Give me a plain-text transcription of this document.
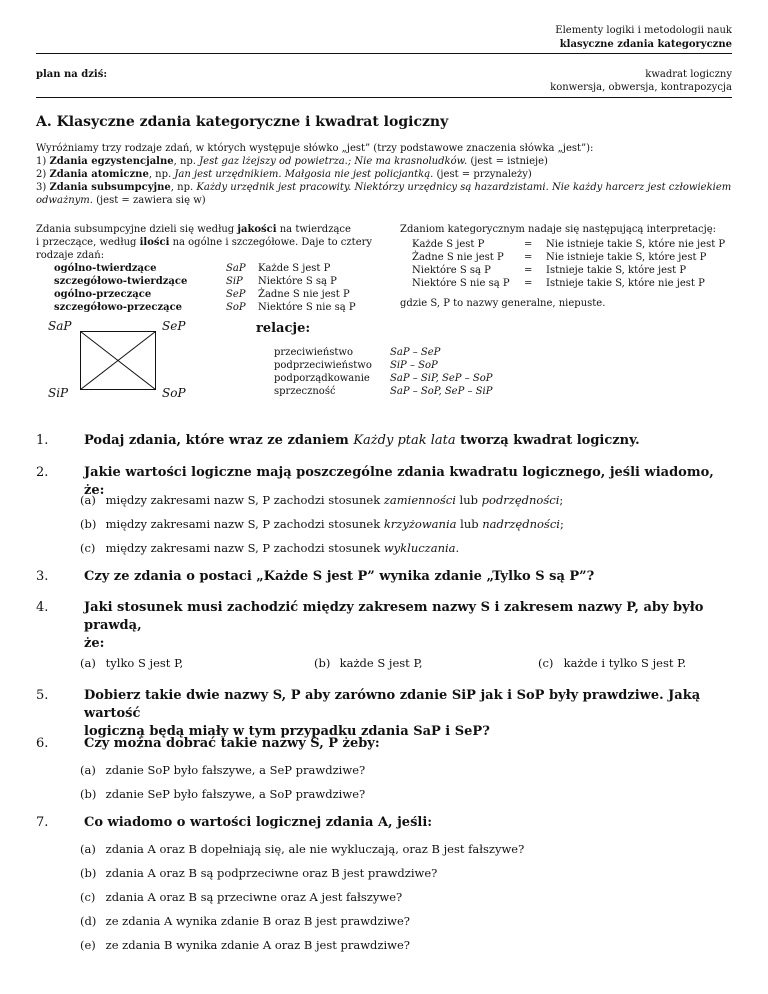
Elementy logiki i metodologii nauk
klasyczne zdania kategoryczne
plan na dziś:	kwadrat logiczny
konwersja, obwersja, kontrapozycja
A. Klasyczne zdania kategoryczne i kwadrat logiczny
Wyróżniamy trzy rodzaje zdań, w których występuje słówko „jest” (trzy podstawowe znaczenia słówka „jest”):
1) Zdania egzystencjalne, np. Jest gaz lżejszy od powietrza.; Nie ma krasnoludków. (jest = istnieje)
2) Zdania atomiczne, np. Jan jest urzędnikiem. Małgosia nie jest policjantką. (jest = przynależy)
3) Zdania subsumpcyjne, np. Każdy urzędnik jest pracowity. Niektórzy urzędnicy są hazardzistami. Nie każdy harcerz jest człowiekiem
odważnym. (jest = zawiera się w)
Zdania subsumpcyjne dzieli się według jakości na twierdzące
i przeczące, według ilości na ogólne i szczegółowe. Daje to cztery
rodzaje zdań:
ogólno-twierdzące	SaP	Każde S jest P
szczegółowo-twierdzące	SiP	Niektóre S są P
ogólno-przeczące	SeP	Żadne S nie jest P
szczegółowo-przeczące	SoP	Niektóre S nie są P
Zdaniom kategorycznym nadaje się następującą interpretację:
Każde S jest P	=	Nie istnieje takie S, które nie jest P
Żadne S nie jest P	=	Nie istnieje takie S, które jest P
Niektóre S są P	=	Istnieje takie S, które jest P
Niektóre S nie są P	=	Istnieje takie S, które nie jest P
gdzie S, P to nazwy generalne, niepuste.
SaP	SeP
SiP	SoP
relacje:
przeciwieństwo	SaP – SeP
podprzeciwieństwo	SiP – SoP
podporządkowanie	SaP – SiP, SeP – SoP
sprzeczność	SaP – SoP, SeP – SiP
1.	Podaj zdania, które wraz ze zdaniem Każdy ptak lata tworzą kwadrat logiczny.
2.	Jakie wartości logiczne mają poszczególne zdania kwadratu logicznego, jeśli wiadomo, że:
(a) między zakresami nazw S, P zachodzi stosunek zamienności lub podrzędności;
(b) między zakresami nazw S, P zachodzi stosunek krzyżowania lub nadrzędności;
(c) między zakresami nazw S, P zachodzi stosunek wykluczania.
3.	Czy ze zdania o postaci „Każde S jest P” wynika zdanie „Tylko S są P”?
4.	Jaki stosunek musi zachodzić między zakresem nazwy S i zakresem nazwy P, aby było prawdą,
że:
(a) tylko S jest P,	(b) każde S jest P,	(c) każde i tylko S jest P.
5.	Dobierz takie dwie nazwy S, P aby zarówno zdanie SiP jak i SoP były prawdziwe. Jaką wartość
logiczną będą miały w tym przypadku zdania SaP i SeP?
6.	Czy można dobrać takie nazwy S, P żeby:
(a) zdanie SoP było fałszywe, a SeP prawdziwe?
(b) zdanie SeP było fałszywe, a SoP prawdziwe?
7.	Co wiadomo o wartości logicznej zdania A, jeśli:
(a) zdania A oraz B dopełniają się, ale nie wykluczają, oraz B jest fałszywe?
(b) zdania A oraz B są podprzeciwne oraz B jest prawdziwe?
(c) zdania A oraz B są przeciwne oraz A jest fałszywe?
(d) ze zdania A wynika zdanie B oraz B jest prawdziwe?
(e) ze zdania B wynika zdanie A oraz B jest prawdziwe?
